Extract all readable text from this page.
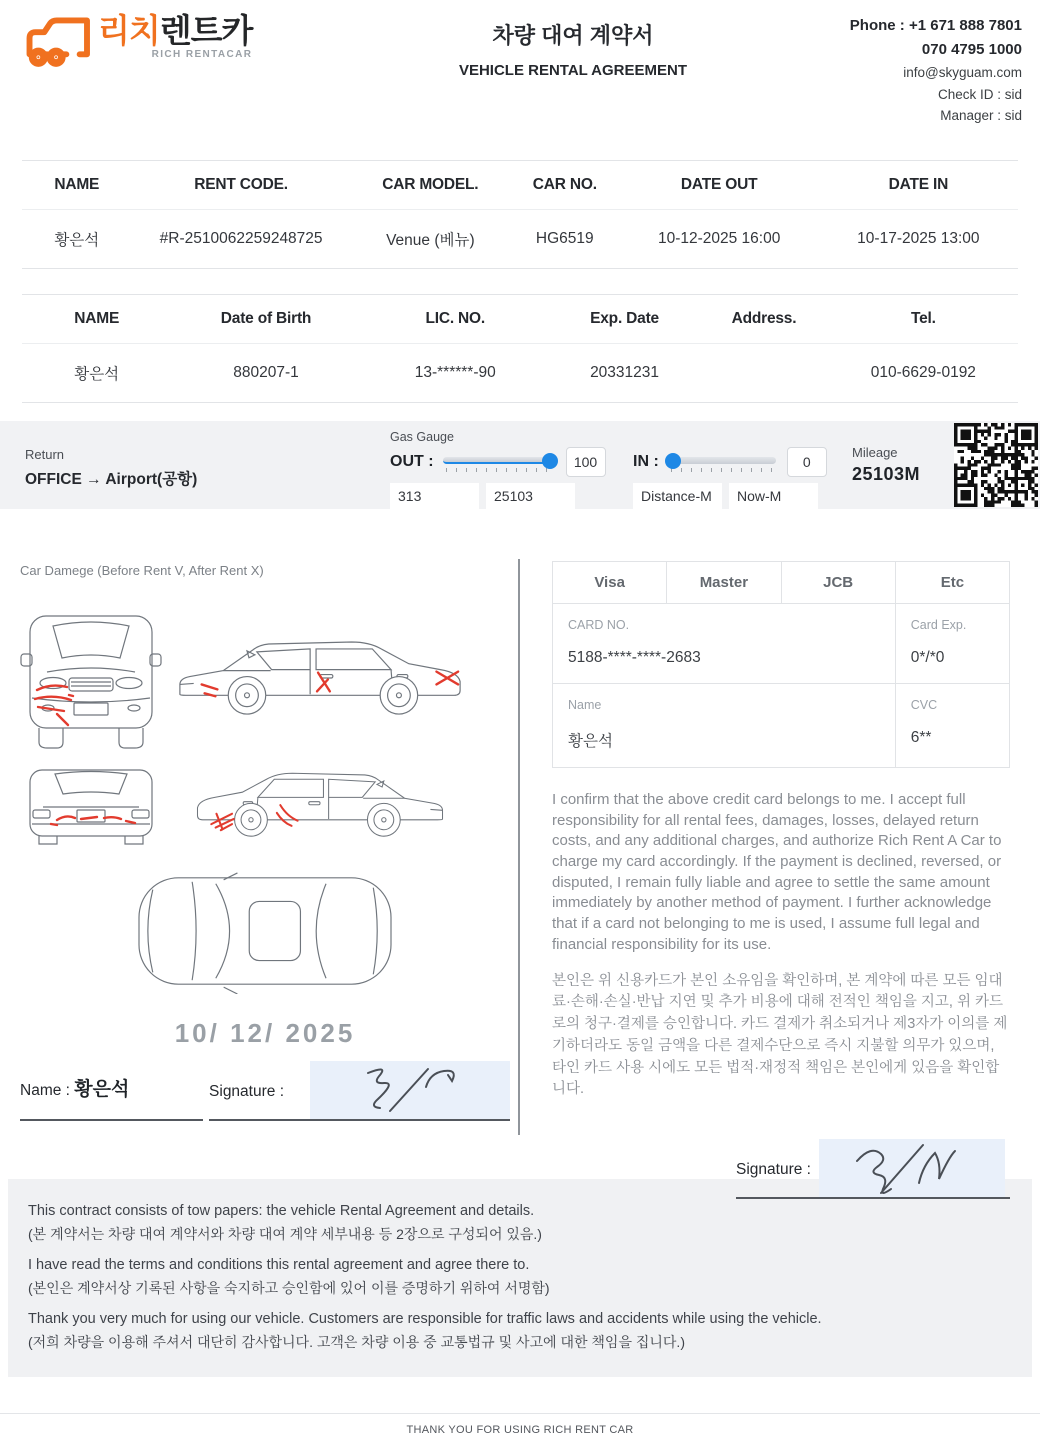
리치렌트카
RICH RENTACAR
차량 대여 계약서
VEHICLE RENTAL AGREEMENT
Phone : +1 671 888 7801
070 4795 1000
info@skyguam.com
Check ID : sid
Manager : sid
NAME	RENT CODE.	CAR MODEL.	CAR NO.	DATE OUT	DATE IN
황은석	#R-2510062259248725	Venue (베뉴)	HG6519	10-12-2025 16:00	10-17-2025 13:00
NAME	Date of Birth	LIC. NO.	Exp. Date	Address.	Tel.
황은석	880207-1	13-******-90	20331231		010-6629-0192
Return
OFFICE → Airport(공항)
Gas Gauge
OUT :	100
313	25103
IN :	0
Distance-M	Now-M
Mileage
25103M
Car Damege (Before Rent V, After Rent X)
10/ 12/ 2025
Name : 황은석	Signature :
Visa	Master	JCB	Etc

CARD NO.
5188-****-****-2683

Card Exp.
0*/*0

Name
황은석

CVC
6**
I confirm that the above credit card belongs to me. I accept full responsibility for all rental fees, damages, losses, delayed return costs, and any additional charges, and authorize Rich Rent A Car to charge my card accordingly. If the payment is declined, reversed, or disputed, I remain fully liable and agree to settle the same amount immediately by another method of payment. I further acknowledge that if a card not belonging to me is used, I assume full legal and financial responsibility for its use.
본인은 위 신용카드가 본인 소유임을 확인하며, 본 계약에 따른 모든 임대료·손해·손실·반납 지연 및 추가 비용에 대해 전적인 책임을 지고, 위 카드로의 청구·결제를 승인합니다. 카드 결제가 취소되거나 제3자가 이의를 제기하더라도 동일 금액을 다른 결제수단으로 즉시 지불할 의무가 있으며, 타인 카드 사용 시에도 모든 법적·재정적 책임은 본인에게 있음을 확인합니다.
Signature :
This contract consists of tow papers: the vehicle Rental Agreement and details.
(본 계약서는 차량 대여 계약서와 차량 대여 계약 세부내용 등 2장으로 구성되어 있음.)
I have read the terms and conditions this rental agreement and agree there to.
(본인은 계약서상 기록된 사항을 숙지하고 승인함에 있어 이를 증명하기 위하여 서명함)
Thank you very much for using our vehicle. Customers are responsible for traffic laws and accidents while using the vehicle.
(저희 차량을 이용해 주셔서 대단히 감사합니다. 고객은 차량 이용 중 교통법규 및 사고에 대한 책임을 집니다.)
THANK YOU FOR USING RICH RENT CAR
